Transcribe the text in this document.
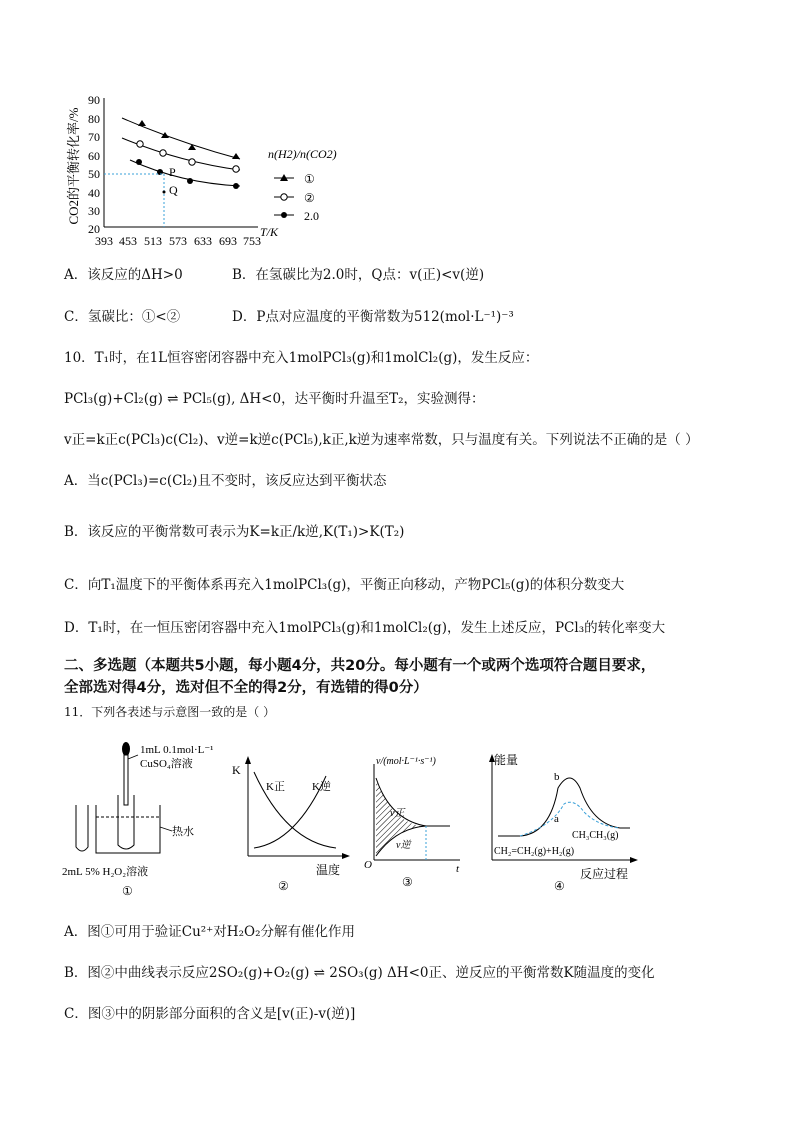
CO2的平衡转化率/%
90
80
70
60
50
40
30
20
393 453 513 573 633 693 753
T/K
P
Q
n(H2)/n(CO2)
①
②
2.0
A．该反应的ΔH>0	B．在氢碳比为2.0时，Q点：v(正)<v(逆)
C．氢碳比：①<②	D．P点对应温度的平衡常数为512(mol·L⁻¹)⁻³
10．T₁时，在1L恒容密闭容器中充入1molPCl₃(g)和1molCl₂(g)，发生反应：
PCl₃(g)+Cl₂(g) ⇌ PCl₅(g), ΔH<0，达平衡时升温至T₂，实验测得：
v正=k正c(PCl₃)c(Cl₂)、v逆=k逆c(PCl₅),k正,k逆为速率常数，只与温度有关。下列说法不正确的是（ ）
A．当c(PCl₃)=c(Cl₂)且不变时，该反应达到平衡状态
B．该反应的平衡常数可表示为K=k正/k逆,K(T₁)>K(T₂)
C．向T₁温度下的平衡体系再充入1molPCl₃(g)，平衡正向移动，产物PCl₅(g)的体积分数变大
D．T₁时，在一恒压密闭容器中充入1molPCl₃(g)和1molCl₂(g)，发生上述反应，PCl₃的转化率变大
二、多选题（本题共5小题，每小题4分，共20分。每小题有一个或两个选项符合题目要求，
全部选对得4分，选对但不全的得2分，有选错的得0分）
11．下列各表述与示意图一致的是（ ）
1mL 0.1mol·L⁻¹
CuSO₄溶液
热水
2mL 5% H₂O₂溶液
①
K
K正 K逆
温度
②
v/(mol·L⁻¹·s⁻¹)
v正
v逆
O	t
③
能量
b
a
CH₃CH₃(g)
CH₂=CH₂(g)+H₂(g)
反应过程
④
A．图①可用于验证Cu²⁺对H₂O₂分解有催化作用
B．图②中曲线表示反应2SO₂(g)+O₂(g) ⇌ 2SO₃(g) ΔH<0正、逆反应的平衡常数K随温度的变化
C．图③中的阴影部分面积的含义是[v(正)-v(逆)]
